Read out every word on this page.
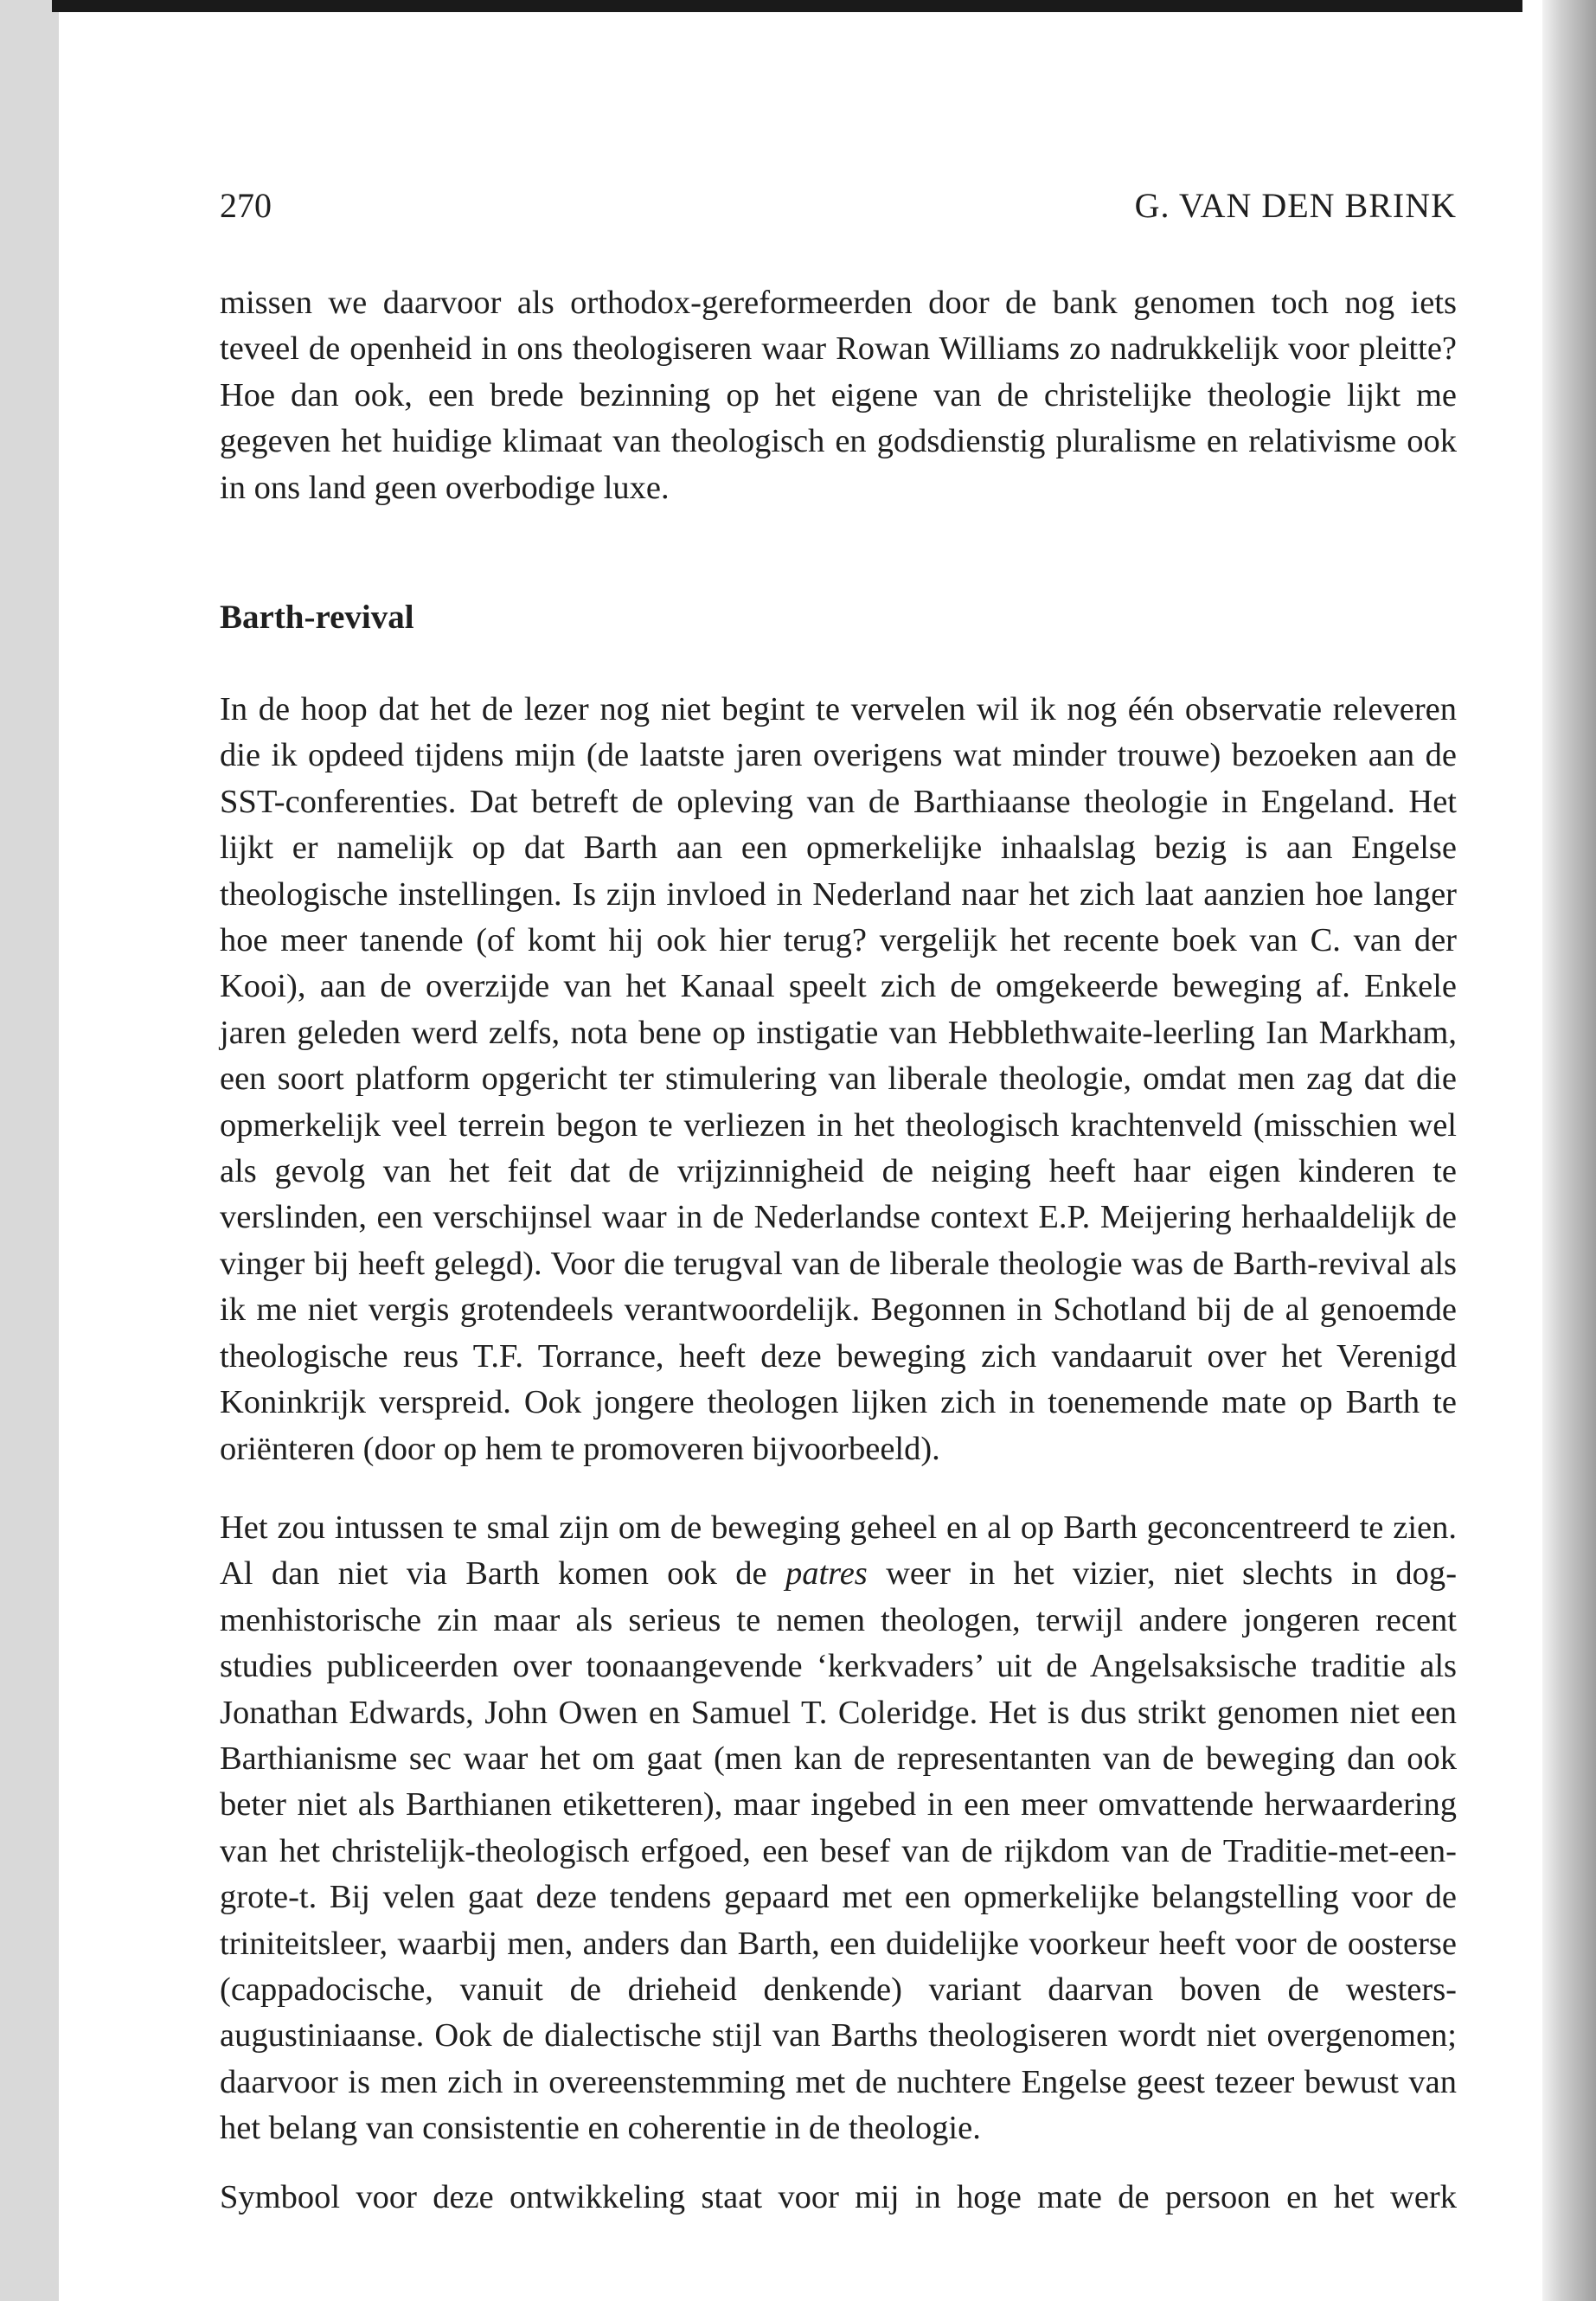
270	G. VAN DEN BRINK

missen we daarvoor als orthodox-gereformeerden door de bank genomen toch nog iets teveel de openheid in ons theologiseren waar Rowan Williams zo nadrukkelijk voor pleitte? Hoe dan ook, een brede bezinning op het eigene van de christelijke theologie lijkt me gegeven het huidige klimaat van theologisch en godsdienstig pluralisme en relativisme ook in ons land geen overbodige luxe.

Barth-revival

In de hoop dat het de lezer nog niet begint te vervelen wil ik nog één observatie releveren die ik opdeed tijdens mijn (de laatste jaren overigens wat minder trouwe) bezoeken aan de SST-conferenties. Dat betreft de opleving van de Barthiaanse theologie in Engeland. Het lijkt er namelijk op dat Barth aan een opmerkelijke inhaalslag bezig is aan Engelse theologische instellingen. Is zijn invloed in Nederland naar het zich laat aanzien hoe langer hoe meer tanende (of komt hij ook hier terug? vergelijk het recente boek van C. van der Kooi), aan de overzijde van het Kanaal speelt zich de omgekeerde beweging af. Enkele jaren geleden werd zelfs, nota bene op instigatie van Hebblethwaite-leerling Ian Markham, een soort platform opgericht ter stimulering van liberale theologie, omdat men zag dat die opmerkelijk veel terrein begon te verliezen in het theologisch krachtenveld (misschien wel als gevolg van het feit dat de vrijzinnigheid de neiging heeft haar eigen kinderen te verslinden, een verschijnsel waar in de Nederlandse context E.P. Meijering herhaaldelijk de vinger bij heeft gelegd). Voor die terugval van de liberale theologie was de Barth-revival als ik me niet vergis grotendeels verantwoordelijk. Begonnen in Schotland bij de al genoemde theologische reus T.F. Torrance, heeft deze beweging zich vandaaruit over het Verenigd Koninkrijk verspreid. Ook jongere theologen lijken zich in toenemende mate op Barth te oriënteren (door op hem te promoveren bijvoorbeeld).

Het zou intussen te smal zijn om de beweging geheel en al op Barth geconcentreerd te zien. Al dan niet via Barth komen ook de patres weer in het vizier, niet slechts in dogmenhistorische zin maar als serieus te nemen theologen, terwijl andere jongeren recent studies publiceerden over toonaangevende ‘kerkvaders’ uit de Angelsaksische traditie als Jonathan Edwards, John Owen en Samuel T. Coleridge. Het is dus strikt genomen niet een Barthianisme sec waar het om gaat (men kan de representanten van de beweging dan ook beter niet als Barthianen etiketteren), maar ingebed in een meer omvattende herwaardering van het christelijk-theologisch erfgoed, een besef van de rijkdom van de Traditie-met-een-grote-t. Bij velen gaat deze tendens gepaard met een opmerkelijke belangstelling voor de triniteitsleer, waarbij men, anders dan Barth, een duidelijke voorkeur heeft voor de oosterse (cappadocische, vanuit de drieheid denkende) variant daarvan boven de westers-augustiniaanse. Ook de dialectische stijl van Barths theologiseren wordt niet overgenomen; daarvoor is men zich in overeenstemming met de nuchtere Engelse geest tezeer bewust van het belang van consistentie en coherentie in de theologie.

Symbool voor deze ontwikkeling staat voor mij in hoge mate de persoon en het werk
